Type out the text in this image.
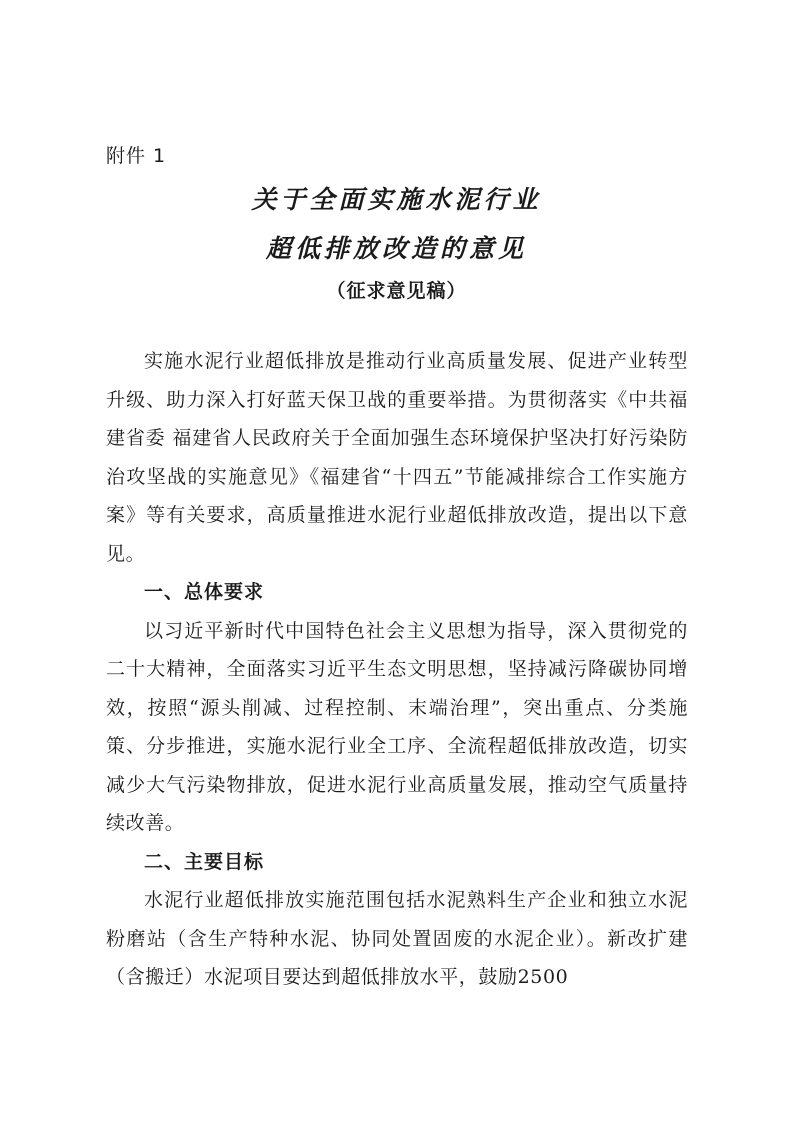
附件 1
关于全面实施水泥行业
超低排放改造的意见
（征求意见稿）

实施水泥行业超低排放是推动行业高质量发展、促进产业转型升级、助力深入打好蓝天保卫战的重要举措。为贯彻落实《中共福建省委 福建省人民政府关于全面加强生态环境保护坚决打好污染防治攻坚战的实施意见》《福建省“十四五”节能减排综合工作实施方案》等有关要求，高质量推进水泥行业超低排放改造，提出以下意见。

一、总体要求

以习近平新时代中国特色社会主义思想为指导，深入贯彻党的二十大精神，全面落实习近平生态文明思想，坚持减污降碳协同增效，按照“源头削减、过程控制、末端治理”，突出重点、分类施策、分步推进，实施水泥行业全工序、全流程超低排放改造，切实减少大气污染物排放，促进水泥行业高质量发展，推动空气质量持续改善。

二、主要目标

水泥行业超低排放实施范围包括水泥熟料生产企业和独立水泥粉磨站（含生产特种水泥、协同处置固废的水泥企业）。新改扩建（含搬迁）水泥项目要达到超低排放水平，鼓励2500
